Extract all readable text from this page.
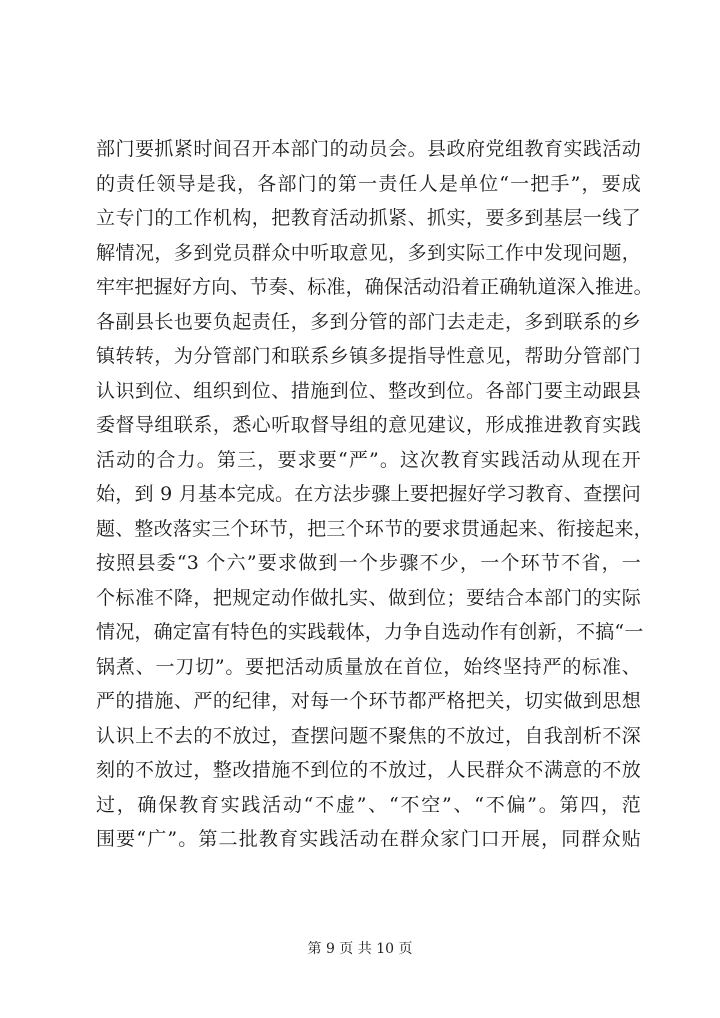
部门要抓紧时间召开本部门的动员会。县政府党组教育实践活动
的责任领导是我，各部门的第一责任人是单位“一把手”，要成
立专门的工作机构，把教育活动抓紧、抓实，要多到基层一线了
解情况，多到党员群众中听取意见，多到实际工作中发现问题，
牢牢把握好方向、节奏、标准，确保活动沿着正确轨道深入推进。
各副县长也要负起责任，多到分管的部门去走走，多到联系的乡
镇转转，为分管部门和联系乡镇多提指导性意见，帮助分管部门
认识到位、组织到位、措施到位、整改到位。各部门要主动跟县
委督导组联系，悉心听取督导组的意见建议，形成推进教育实践
活动的合力。第三，要求要“严”。这次教育实践活动从现在开
始，到 9 月基本完成。在方法步骤上要把握好学习教育、查摆问
题、整改落实三个环节，把三个环节的要求贯通起来、衔接起来，
按照县委“3 个六”要求做到一个步骤不少，一个环节不省，一
个标准不降，把规定动作做扎实、做到位；要结合本部门的实际
情况，确定富有特色的实践载体，力争自选动作有创新，不搞“一
锅煮、一刀切”。要把活动质量放在首位，始终坚持严的标准、
严的措施、严的纪律，对每一个环节都严格把关，切实做到思想
认识上不去的不放过，查摆问题不聚焦的不放过，自我剖析不深
刻的不放过，整改措施不到位的不放过，人民群众不满意的不放
过，确保教育实践活动“不虚”、“不空”、“不偏”。第四，范
围要“广”。第二批教育实践活动在群众家门口开展，同群众贴
第 9 页 共 10 页
